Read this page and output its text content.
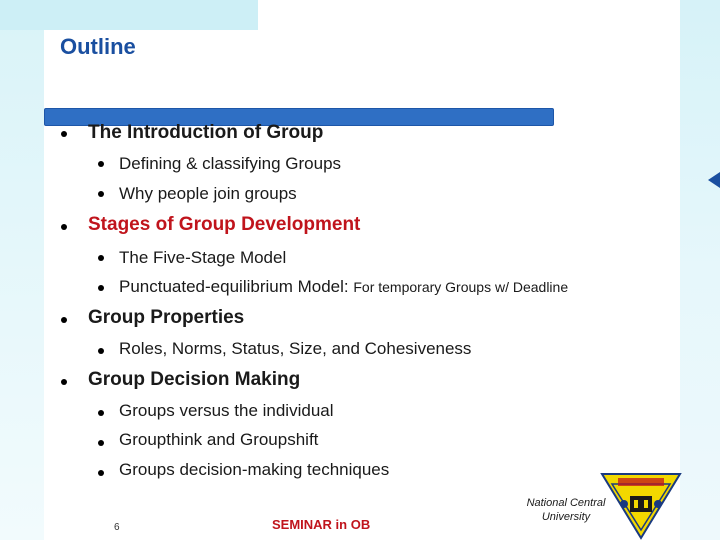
Outline
The Introduction of Group
Defining & classifying Groups
Why people join groups
Stages of Group Development
The Five-Stage Model
Punctuated-equilibrium Model: For temporary Groups w/ Deadline
Group Properties
Roles, Norms, Status, Size, and Cohesiveness
Group Decision Making
Groups versus the individual
Groupthink and Groupshift
Groups decision-making techniques
6	SEMINAR in OB
National Central
University
